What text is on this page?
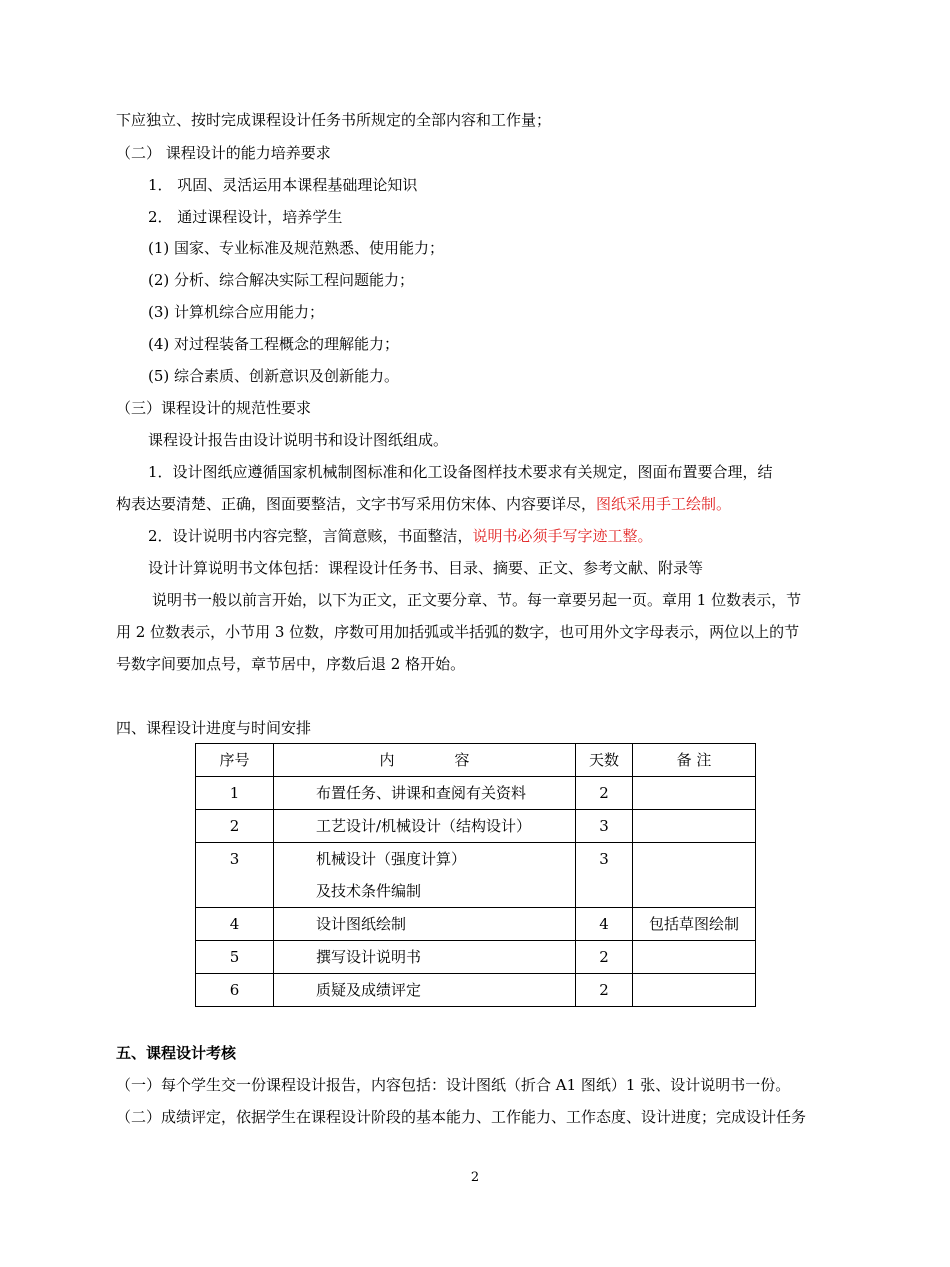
下应独立、按时完成课程设计任务书所规定的全部内容和工作量；
（二） 课程设计的能力培养要求
1． 巩固、灵活运用本课程基础理论知识
2． 通过课程设计，培养学生
(1) 国家、专业标准及规范熟悉、使用能力；
(2) 分析、综合解决实际工程问题能力；
(3) 计算机综合应用能力；
(4) 对过程装备工程概念的理解能力；
(5) 综合素质、创新意识及创新能力。
（三）课程设计的规范性要求
课程设计报告由设计说明书和设计图纸组成。
1．设计图纸应遵循国家机械制图标准和化工设备图样技术要求有关规定，图面布置要合理，结
构表达要清楚、正确，图面要整洁，文字书写采用仿宋体、内容要详尽，图纸采用手工绘制。
2．设计说明书内容完整，言简意赅，书面整洁，说明书必须手写字迹工整。
设计计算说明书文体包括：课程设计任务书、目录、摘要、正文、参考文献、附录等
说明书一般以前言开始，以下为正文，正文要分章、节。每一章要另起一页。章用 1 位数表示，节
用 2 位数表示，小节用 3 位数，序数可用加括弧或半括弧的数字，也可用外文字母表示，两位以上的节
号数字间要加点号，章节居中，序数后退 2 格开始。
四、课程设计进度与时间安排
序号	内　　　　容	天数	备 注
1	布置任务、讲课和查阅有关资料	2	
2	工艺设计/机械设计（结构设计）	3	
3	机械设计（强度计算）
及技术条件编制	3	
4	设计图纸绘制	4	包括草图绘制
5	撰写设计说明书	2	
6	质疑及成绩评定	2	
五、课程设计考核
（一）每个学生交一份课程设计报告，内容包括：设计图纸（折合 A1 图纸）1 张、设计说明书一份。
（二）成绩评定，依据学生在课程设计阶段的基本能力、工作能力、工作态度、设计进度；完成设计任务
2
